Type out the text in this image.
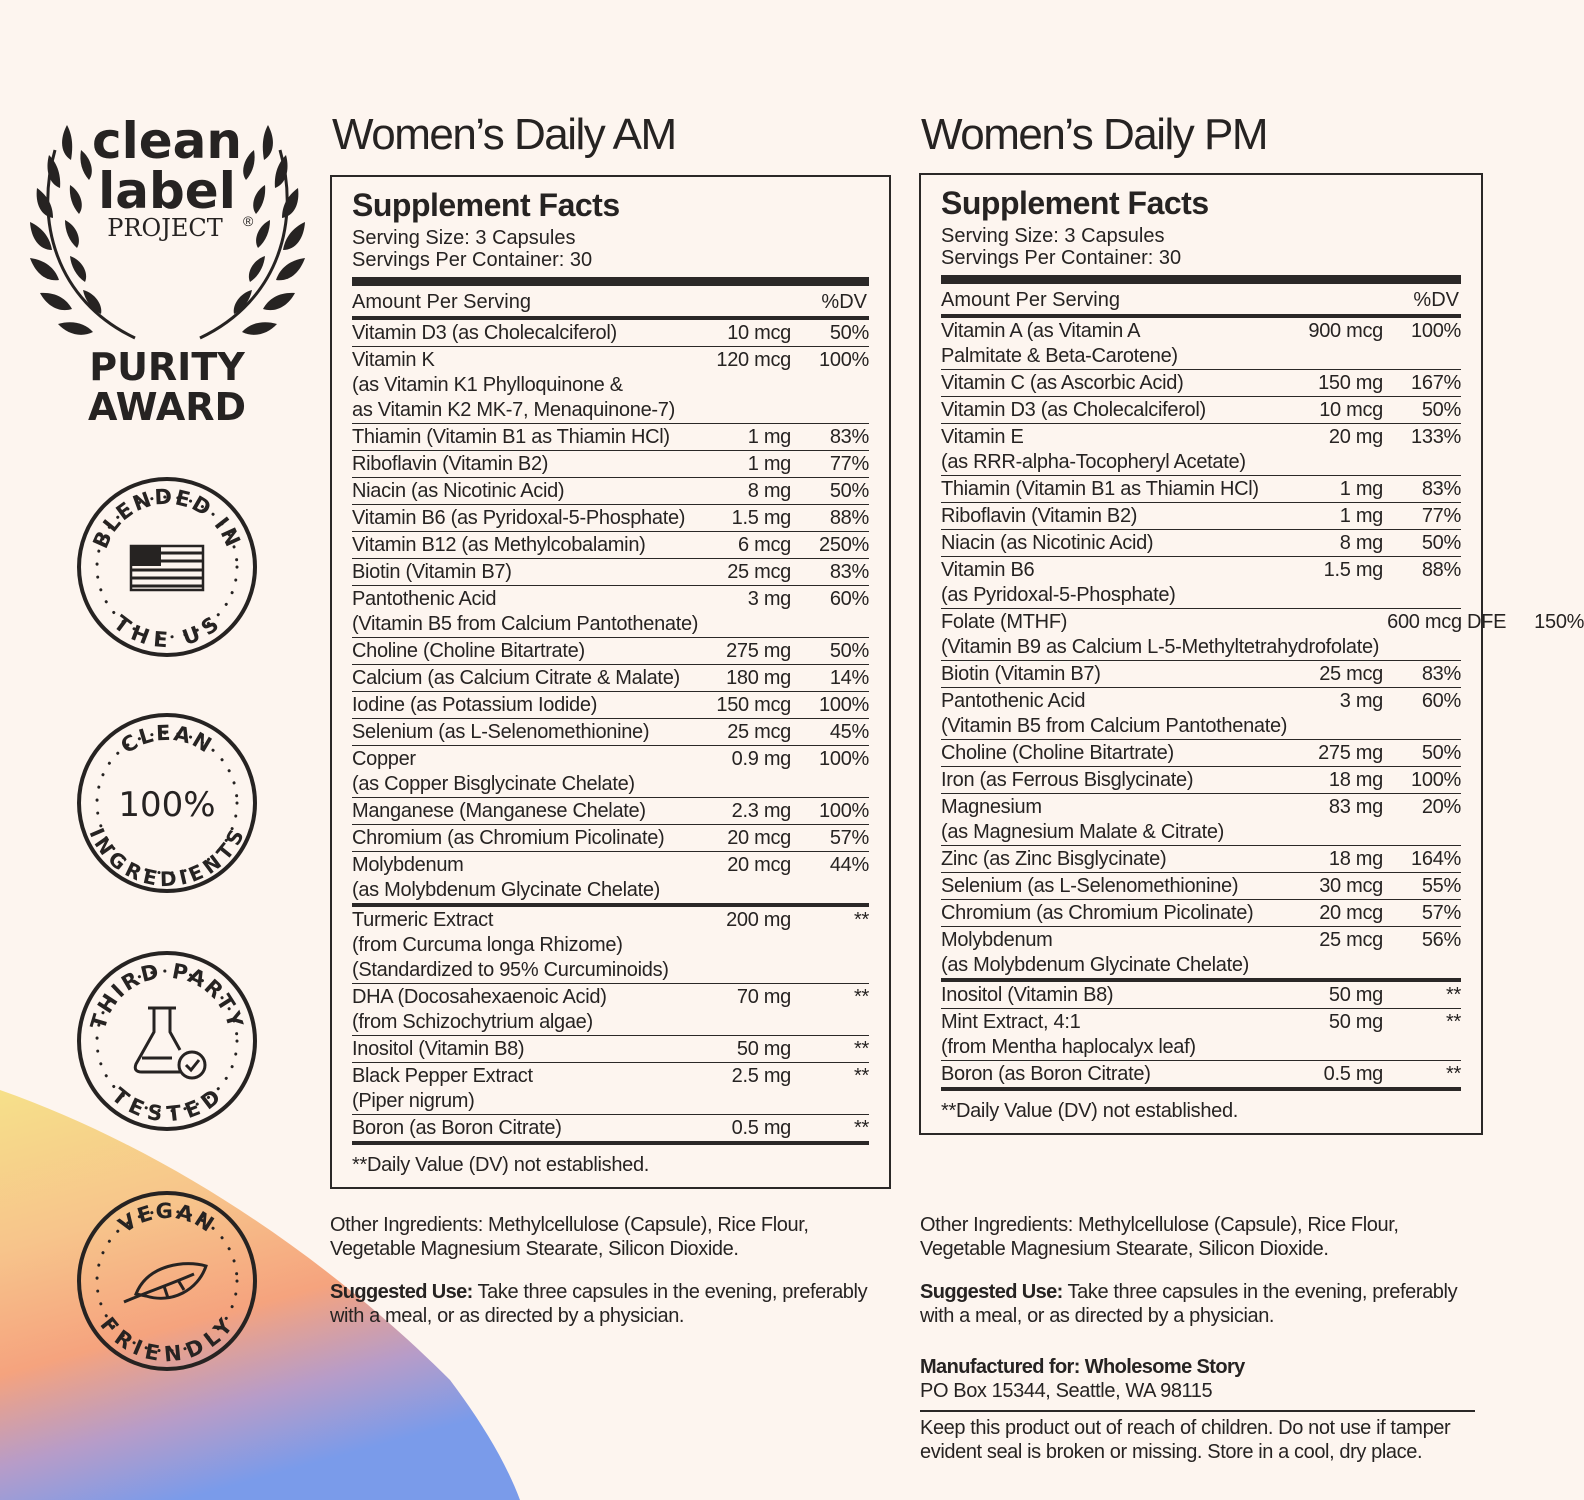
clean
label
PROJECT ®
PURITY
AWARD
BLENDED IN
THE US
CLEAN
100%
INGREDIENTS
THIRD PARTY
TESTED
VEGAN
FRIENDLY
Women’s Daily AM
Supplement Facts
Serving Size: 3 Capsules
Servings Per Container: 30
Amount Per Serving	%DV
Vitamin D3 (as Cholecalciferol)	10 mcg	50%
Vitamin K
(as Vitamin K1 Phylloquinone &
as Vitamin K2 MK-7, Menaquinone-7)
120 mcg	100%
Thiamin (Vitamin B1 as Thiamin HCl)	1 mg	83%
Riboflavin (Vitamin B2)	1 mg	77%
Niacin (as Nicotinic Acid)	8 mg	50%
Vitamin B6 (as Pyridoxal-5-Phosphate)	1.5 mg	88%
Vitamin B12 (as Methylcobalamin)	6 mcg	250%
Biotin (Vitamin B7)	25 mcg	83%
Pantothenic Acid
(Vitamin B5 from Calcium Pantothenate)
3 mg	60%
Choline (Choline Bitartrate)	275 mg	50%
Calcium (as Calcium Citrate & Malate)	180 mg	14%
Iodine (as Potassium Iodide)	150 mcg	100%
Selenium (as L-Selenomethionine)	25 mcg	45%
Copper
(as Copper Bisglycinate Chelate)
0.9 mg	100%
Manganese (Manganese Chelate)	2.3 mg	100%
Chromium (as Chromium Picolinate)	20 mcg	57%
Molybdenum
(as Molybdenum Glycinate Chelate)
20 mcg	44%
Turmeric Extract
(from Curcuma longa Rhizome)
(Standardized to 95% Curcuminoids)
200 mg	**
DHA (Docosahexaenoic Acid)
(from Schizochytrium algae)
70 mg	**
Inositol (Vitamin B8)	50 mg	**
Black Pepper Extract
(Piper nigrum)
2.5 mg	**
Boron (as Boron Citrate)	0.5 mg	**
**Daily Value (DV) not established.
Other Ingredients: Methylcellulose (Capsule), Rice Flour,
Vegetable Magnesium Stearate, Silicon Dioxide.
Suggested Use: Take three capsules in the evening, preferably
with a meal, or as directed by a physician.
Women’s Daily PM
Supplement Facts
Serving Size: 3 Capsules
Servings Per Container: 30
Amount Per Serving	%DV
Vitamin A (as Vitamin A
Palmitate & Beta-Carotene)
900 mcg	100%
Vitamin C (as Ascorbic Acid)	150 mg	167%
Vitamin D3 (as Cholecalciferol)	10 mcg	50%
Vitamin E
(as RRR-alpha-Tocopheryl Acetate)
20 mg	133%
Thiamin (Vitamin B1 as Thiamin HCl)	1 mg	83%
Riboflavin (Vitamin B2)	1 mg	77%
Niacin (as Nicotinic Acid)	8 mg	50%
Vitamin B6
(as Pyridoxal-5-Phosphate)
1.5 mg	88%
Folate (MTHF)
(Vitamin B9 as Calcium L-5-Methyltetrahydrofolate)
600 mcg DFE	150%
Biotin (Vitamin B7)	25 mcg	83%
Pantothenic Acid
(Vitamin B5 from Calcium Pantothenate)
3 mg	60%
Choline (Choline Bitartrate)	275 mg	50%
Iron (as Ferrous Bisglycinate)	18 mg	100%
Magnesium
(as Magnesium Malate & Citrate)
83 mg	20%
Zinc (as Zinc Bisglycinate)	18 mg	164%
Selenium (as L-Selenomethionine)	30 mcg	55%
Chromium (as Chromium Picolinate)	20 mcg	57%
Molybdenum
(as Molybdenum Glycinate Chelate)
25 mcg	56%
Inositol (Vitamin B8)	50 mg	**
Mint Extract, 4:1
(from Mentha haplocalyx leaf)
50 mg	**
Boron (as Boron Citrate)	0.5 mg	**
**Daily Value (DV) not established.
Other Ingredients: Methylcellulose (Capsule), Rice Flour,
Vegetable Magnesium Stearate, Silicon Dioxide.
Suggested Use: Take three capsules in the evening, preferably
with a meal, or as directed by a physician.
Manufactured for: Wholesome Story
PO Box 15344, Seattle, WA 98115
Keep this product out of reach of children. Do not use if tamper
evident seal is broken or missing. Store in a cool, dry place.
